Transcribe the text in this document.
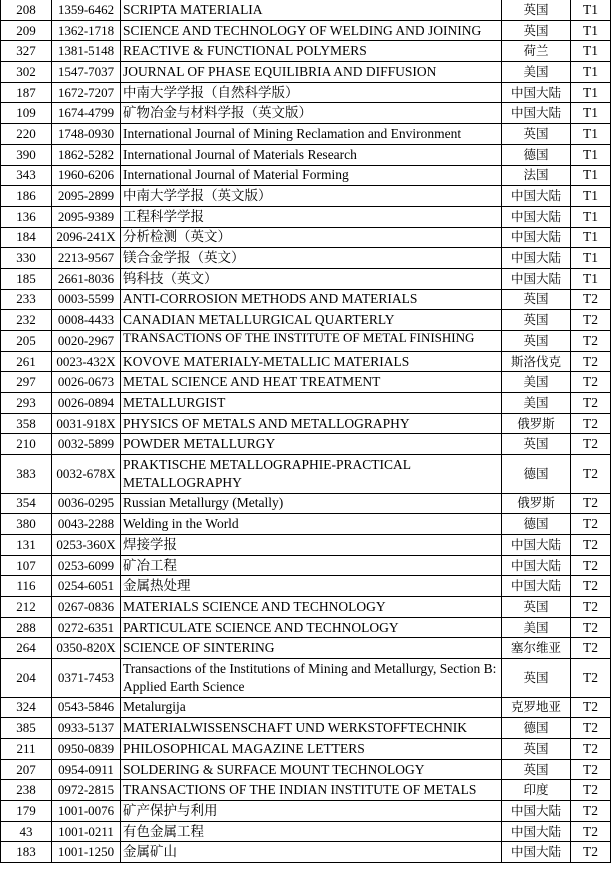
208	1359-6462	SCRIPTA MATERIALIA	英国	T1
209	1362-1718	SCIENCE AND TECHNOLOGY OF WELDING AND JOINING	英国	T1
327	1381-5148	REACTIVE & FUNCTIONAL POLYMERS	荷兰	T1
302	1547-7037	JOURNAL OF PHASE EQUILIBRIA AND DIFFUSION	美国	T1
187	1672-7207	中南大学学报（自然科学版）	中国大陆	T1
109	1674-4799	矿物冶金与材料学报（英文版）	中国大陆	T1
220	1748-0930	International Journal of Mining Reclamation and Environment	英国	T1
390	1862-5282	International Journal of Materials Research	德国	T1
343	1960-6206	International Journal of Material Forming	法国	T1
186	2095-2899	中南大学学报（英文版）	中国大陆	T1
136	2095-9389	工程科学学报	中国大陆	T1
184	2096-241X	分析检测（英文）	中国大陆	T1
330	2213-9567	镁合金学报（英文）	中国大陆	T1
185	2661-8036	钨科技（英文）	中国大陆	T1
233	0003-5599	ANTI-CORROSION METHODS AND MATERIALS	英国	T2
232	0008-4433	CANADIAN METALLURGICAL QUARTERLY	英国	T2
205	0020-2967	TRANSACTIONS OF THE INSTITUTE OF METAL FINISHING	英国	T2
261	0023-432X	KOVOVE MATERIALY-METALLIC MATERIALS	斯洛伐克	T2
297	0026-0673	METAL SCIENCE AND HEAT TREATMENT	美国	T2
293	0026-0894	METALLURGIST	美国	T2
358	0031-918X	PHYSICS OF METALS AND METALLOGRAPHY	俄罗斯	T2
210	0032-5899	POWDER METALLURGY	英国	T2
383	0032-678X	PRAKTISCHE METALLOGRAPHIE-PRACTICAL METALLOGRAPHY	德国	T2
354	0036-0295	Russian Metallurgy (Metally)	俄罗斯	T2
380	0043-2288	Welding in the World	德国	T2
131	0253-360X	焊接学报	中国大陆	T2
107	0253-6099	矿冶工程	中国大陆	T2
116	0254-6051	金属热处理	中国大陆	T2
212	0267-0836	MATERIALS SCIENCE AND TECHNOLOGY	英国	T2
288	0272-6351	PARTICULATE SCIENCE AND TECHNOLOGY	美国	T2
264	0350-820X	SCIENCE OF SINTERING	塞尔维亚	T2
204	0371-7453	Transactions of the Institutions of Mining and Metallurgy, Section B: Applied Earth Science	英国	T2
324	0543-5846	Metalurgija	克罗地亚	T2
385	0933-5137	MATERIALWISSENSCHAFT UND WERKSTOFFTECHNIK	德国	T2
211	0950-0839	PHILOSOPHICAL MAGAZINE LETTERS	英国	T2
207	0954-0911	SOLDERING & SURFACE MOUNT TECHNOLOGY	英国	T2
238	0972-2815	TRANSACTIONS OF THE INDIAN INSTITUTE OF METALS	印度	T2
179	1001-0076	矿产保护与利用	中国大陆	T2
43	1001-0211	有色金属工程	中国大陆	T2
183	1001-1250	金属矿山	中国大陆	T2
